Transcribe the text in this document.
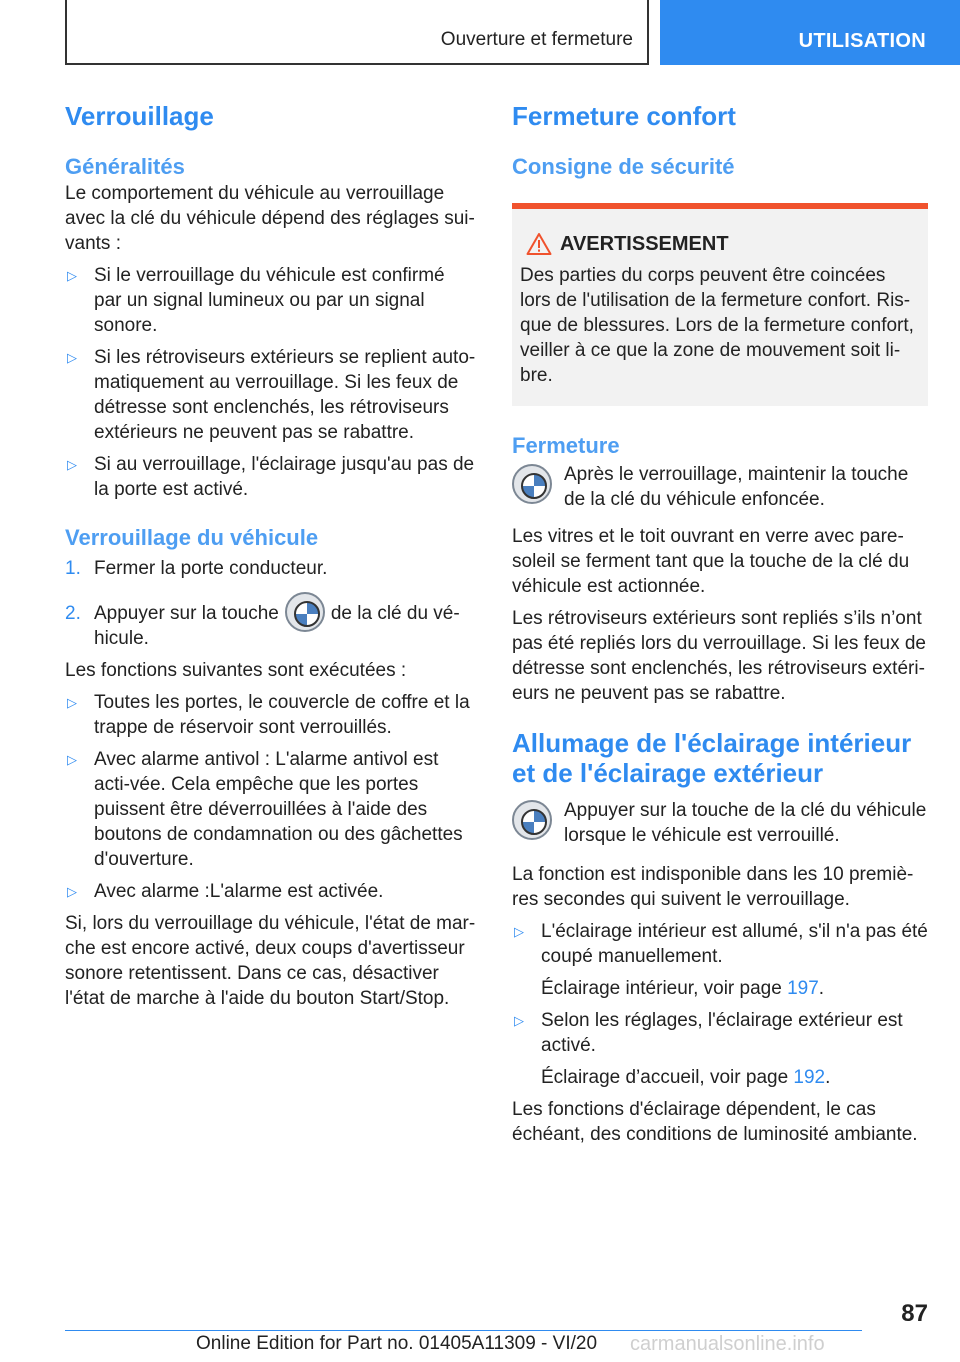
Ouverture et fermeture	UTILISATION
Verrouillage
Généralités

Le comportement du véhicule au verrouillage avec la clé du véhicule dépend des réglages sui-vants :

▷ Si le verrouillage du véhicule est confirmé par un signal lumineux ou par un signal sonore.
▷ Si les rétroviseurs extérieurs se replient auto-matiquement au verrouillage. Si les feux de détresse sont enclenchés, les rétroviseurs extérieurs ne peuvent pas se rabattre.
▷ Si au verrouillage, l'éclairage jusqu'au pas de la porte est activé.
Verrouillage du véhicule
1. Fermer la porte conducteur.
2. Appuyer sur la touche	de la clé du vé-hicule.

Les fonctions suivantes sont exécutées :

▷ Toutes les portes, le couvercle de coffre et la trappe de réservoir sont verrouillés.
▷ Avec alarme antivol : L'alarme antivol est acti-vée. Cela empêche que les portes puissent être déverrouillées à l'aide des boutons de condamnation ou des gâchettes d'ouverture.
▷ Avec alarme :L'alarme est activée.

Si, lors du verrouillage du véhicule, l'état de mar-che est encore activé, deux coups d'avertisseur sonore retentissent. Dans ce cas, désactiver l'état de marche à l'aide du bouton Start/Stop.

Fermeture confort
Consigne de sécurité
AVERTISSEMENT

Des parties du corps peuvent être coincées lors de l'utilisation de la fermeture confort. Ris-que de blessures. Lors de la fermeture confort, veiller à ce que la zone de mouvement soit li-bre.

Fermeture

Après le verrouillage, maintenir la touche de la clé du véhicule enfoncée.

Les vitres et le toit ouvrant en verre avec pare-soleil se ferment tant que la touche de la clé du véhicule est actionnée.

Les rétroviseurs extérieurs sont repliés s’ils n’ont pas été repliés lors du verrouillage. Si les feux de détresse sont enclenchés, les rétroviseurs extéri-eurs ne peuvent pas se rabattre.

Allumage de l'éclairage intérieur et de l'éclairage extérieur

Appuyer sur la touche de la clé du véhicule lorsque le véhicule est verrouillé.

La fonction est indisponible dans les 10 premiè-res secondes qui suivent le verrouillage.

▷ L'éclairage intérieur est allumé, s'il n'a pas été coupé manuellement.

Éclairage intérieur, voir page 197.

▷ Selon les réglages, l'éclairage extérieur est activé.

Éclairage d’accueil, voir page 192.

Les fonctions d'éclairage dépendent, le cas échéant, des conditions de luminosité ambiante.

87
Online Edition for Part no. 01405A11309 - VI/20 carmanualsonline.info
